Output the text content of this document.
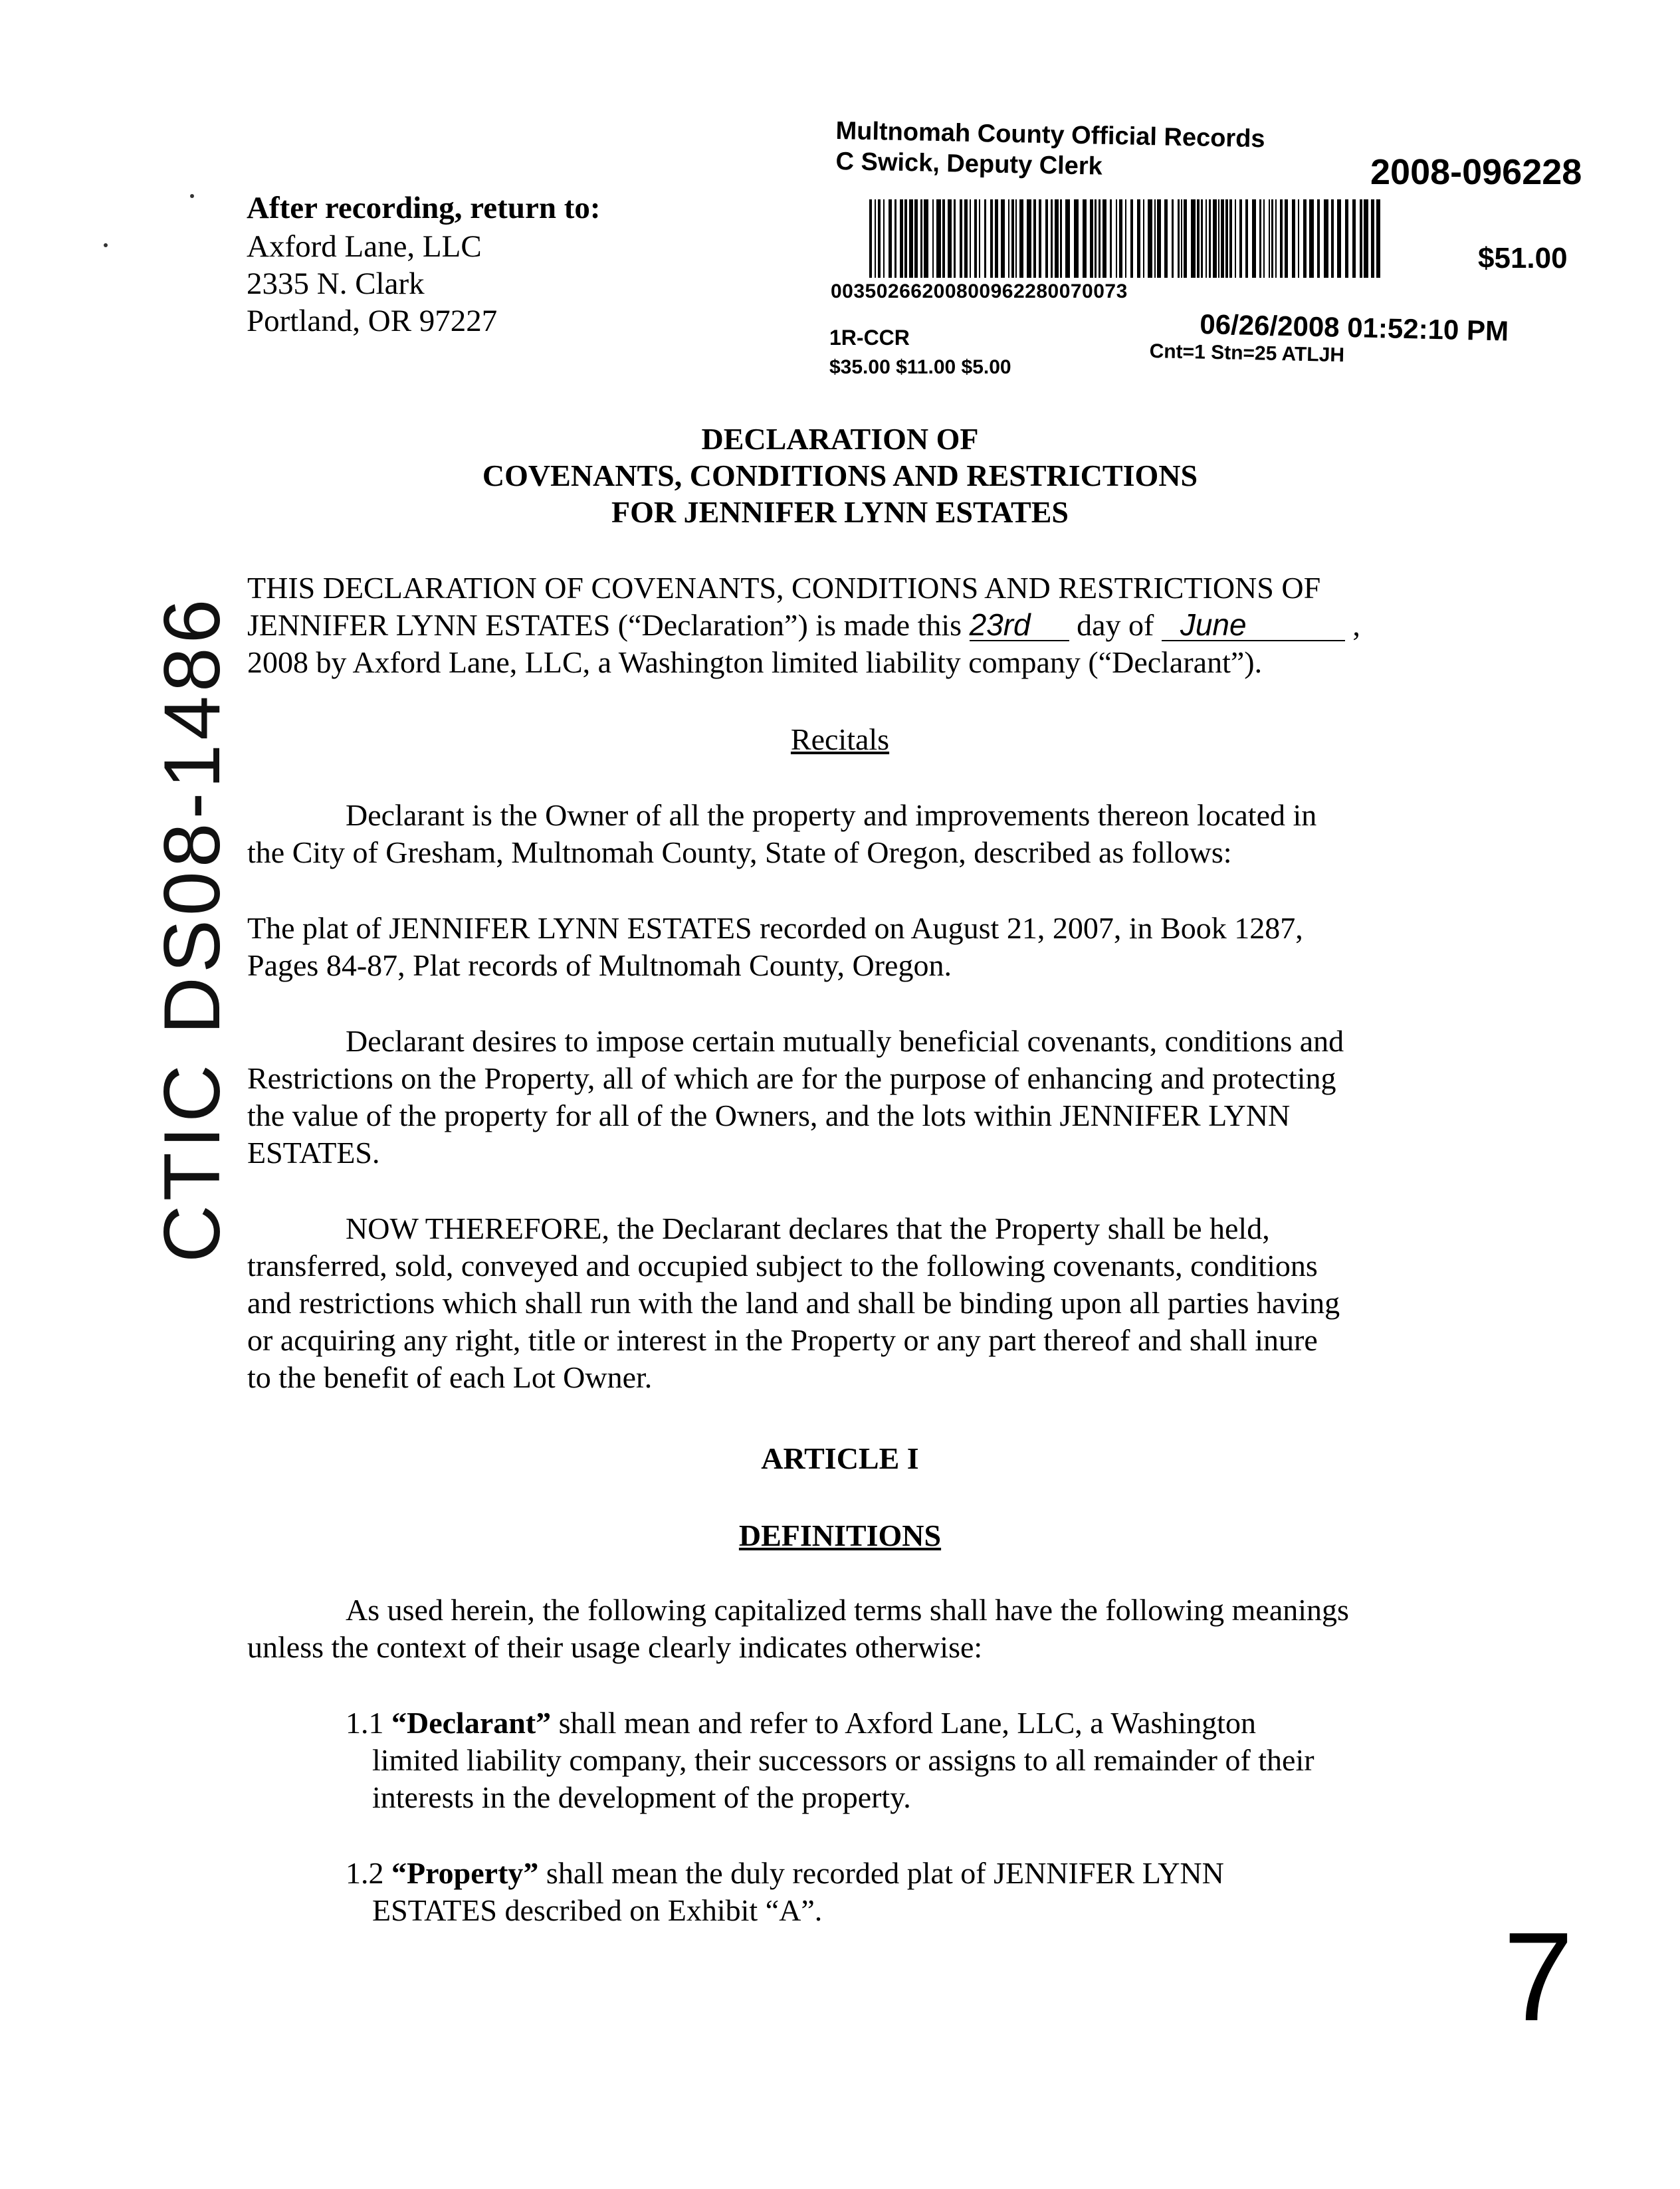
Multnomah County Official Records
C Swick, Deputy Clerk	2008-096228
00350266200800962280070073
$51.00
06/26/2008 01:52:10 PM
1R-CCR
$35.00 $11.00 $5.00
Cnt=1 Stn=25 ATLJH
After recording, return to:
Axford Lane, LLC
2335 N. Clark
Portland, OR 97227
DECLARATION OF
COVENANTS, CONDITIONS AND RESTRICTIONS
FOR JENNIFER LYNN ESTATES
THIS DECLARATION OF COVENANTS, CONDITIONS AND RESTRICTIONS OF
JENNIFER LYNN ESTATES (“Declaration”) is made this 23rd day of June	,
2008 by Axford Lane, LLC, a Washington limited liability company (“Declarant”).
Recitals
Declarant is the Owner of all the property and improvements thereon located in
the City of Gresham, Multnomah County, State of Oregon, described as follows:
The plat of JENNIFER LYNN ESTATES recorded on August 21, 2007, in Book 1287,
Pages 84-87, Plat records of Multnomah County, Oregon.
Declarant desires to impose certain mutually beneficial covenants, conditions and
Restrictions on the Property, all of which are for the purpose of enhancing and protecting
the value of the property for all of the Owners, and the lots within JENNIFER LYNN
ESTATES.
NOW THEREFORE, the Declarant declares that the Property shall be held,
transferred, sold, conveyed and occupied subject to the following covenants, conditions
and restrictions which shall run with the land and shall be binding upon all parties having
or acquiring any right, title or interest in the Property or any part thereof and shall inure
to the benefit of each Lot Owner.
ARTICLE I
DEFINITIONS
As used herein, the following capitalized terms shall have the following meanings
unless the context of their usage clearly indicates otherwise:
1.1 “Declarant” shall mean and refer to Axford Lane, LLC, a Washington
limited liability company, their successors or assigns to all remainder of their
interests in the development of the property.
1.2 “Property” shall mean the duly recorded plat of JENNIFER LYNN
ESTATES described on Exhibit “A”.
CTIC DS08-1486
7
